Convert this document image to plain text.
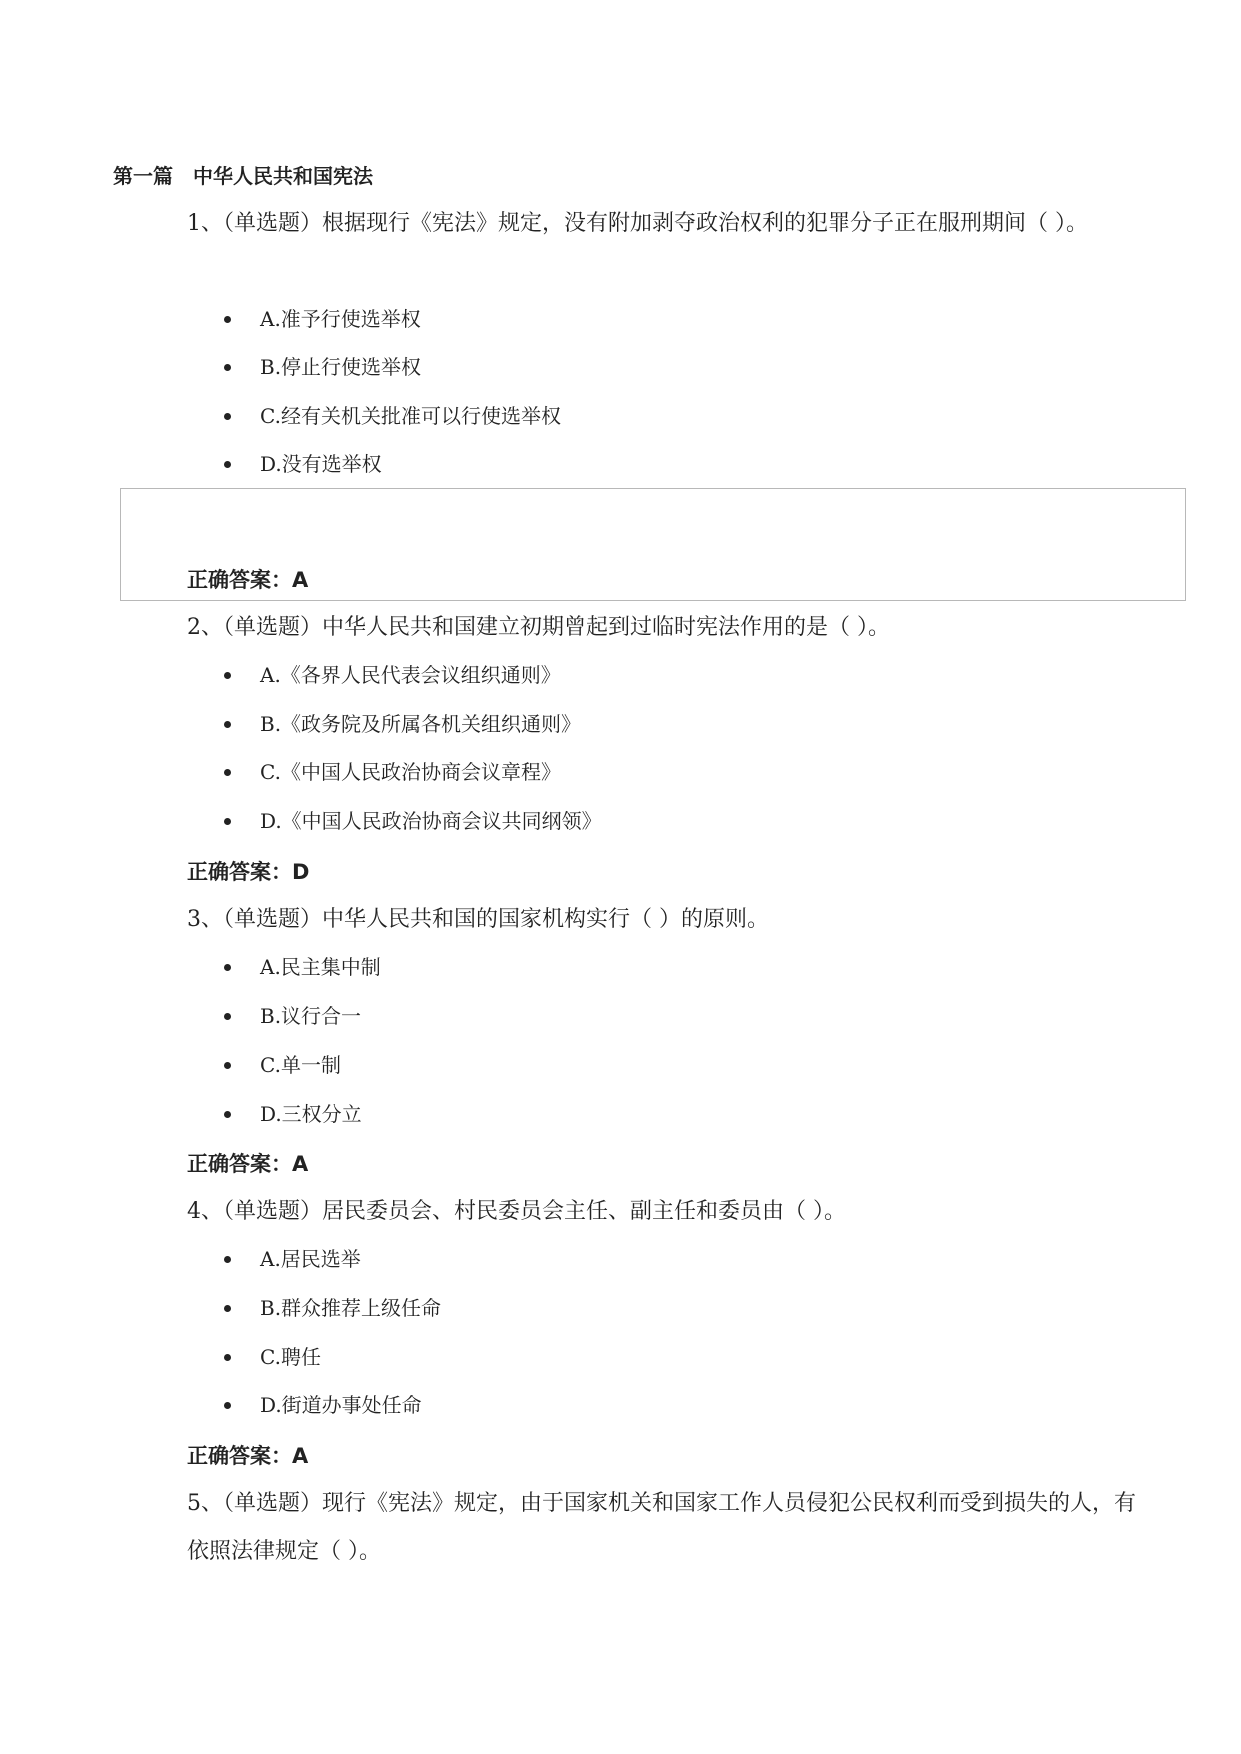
第一篇　中华人民共和国宪法
1、（单选题）根据现行《宪法》规定，没有附加剥夺政治权利的犯罪分子正在服刑期间（ ）。
A.准予行使选举权
B.停止行使选举权
C.经有关机关批准可以行使选举权
D.没有选举权
正确答案：A
2、（单选题）中华人民共和国建立初期曾起到过临时宪法作用的是（ ）。
A.《各界人民代表会议组织通则》
B.《政务院及所属各机关组织通则》
C.《中国人民政治协商会议章程》
D.《中国人民政治协商会议共同纲领》
正确答案：D
3、（单选题）中华人民共和国的国家机构实行（ ）的原则。
A.民主集中制
B.议行合一
C.单一制
D.三权分立
正确答案：A
4、（单选题）居民委员会、村民委员会主任、副主任和委员由（ ）。
A.居民选举
B.群众推荐上级任命
C.聘任
D.街道办事处任命
正确答案：A
5、（单选题）现行《宪法》规定，由于国家机关和国家工作人员侵犯公民权利而受到损失的人，有依照法律规定（ ）。
